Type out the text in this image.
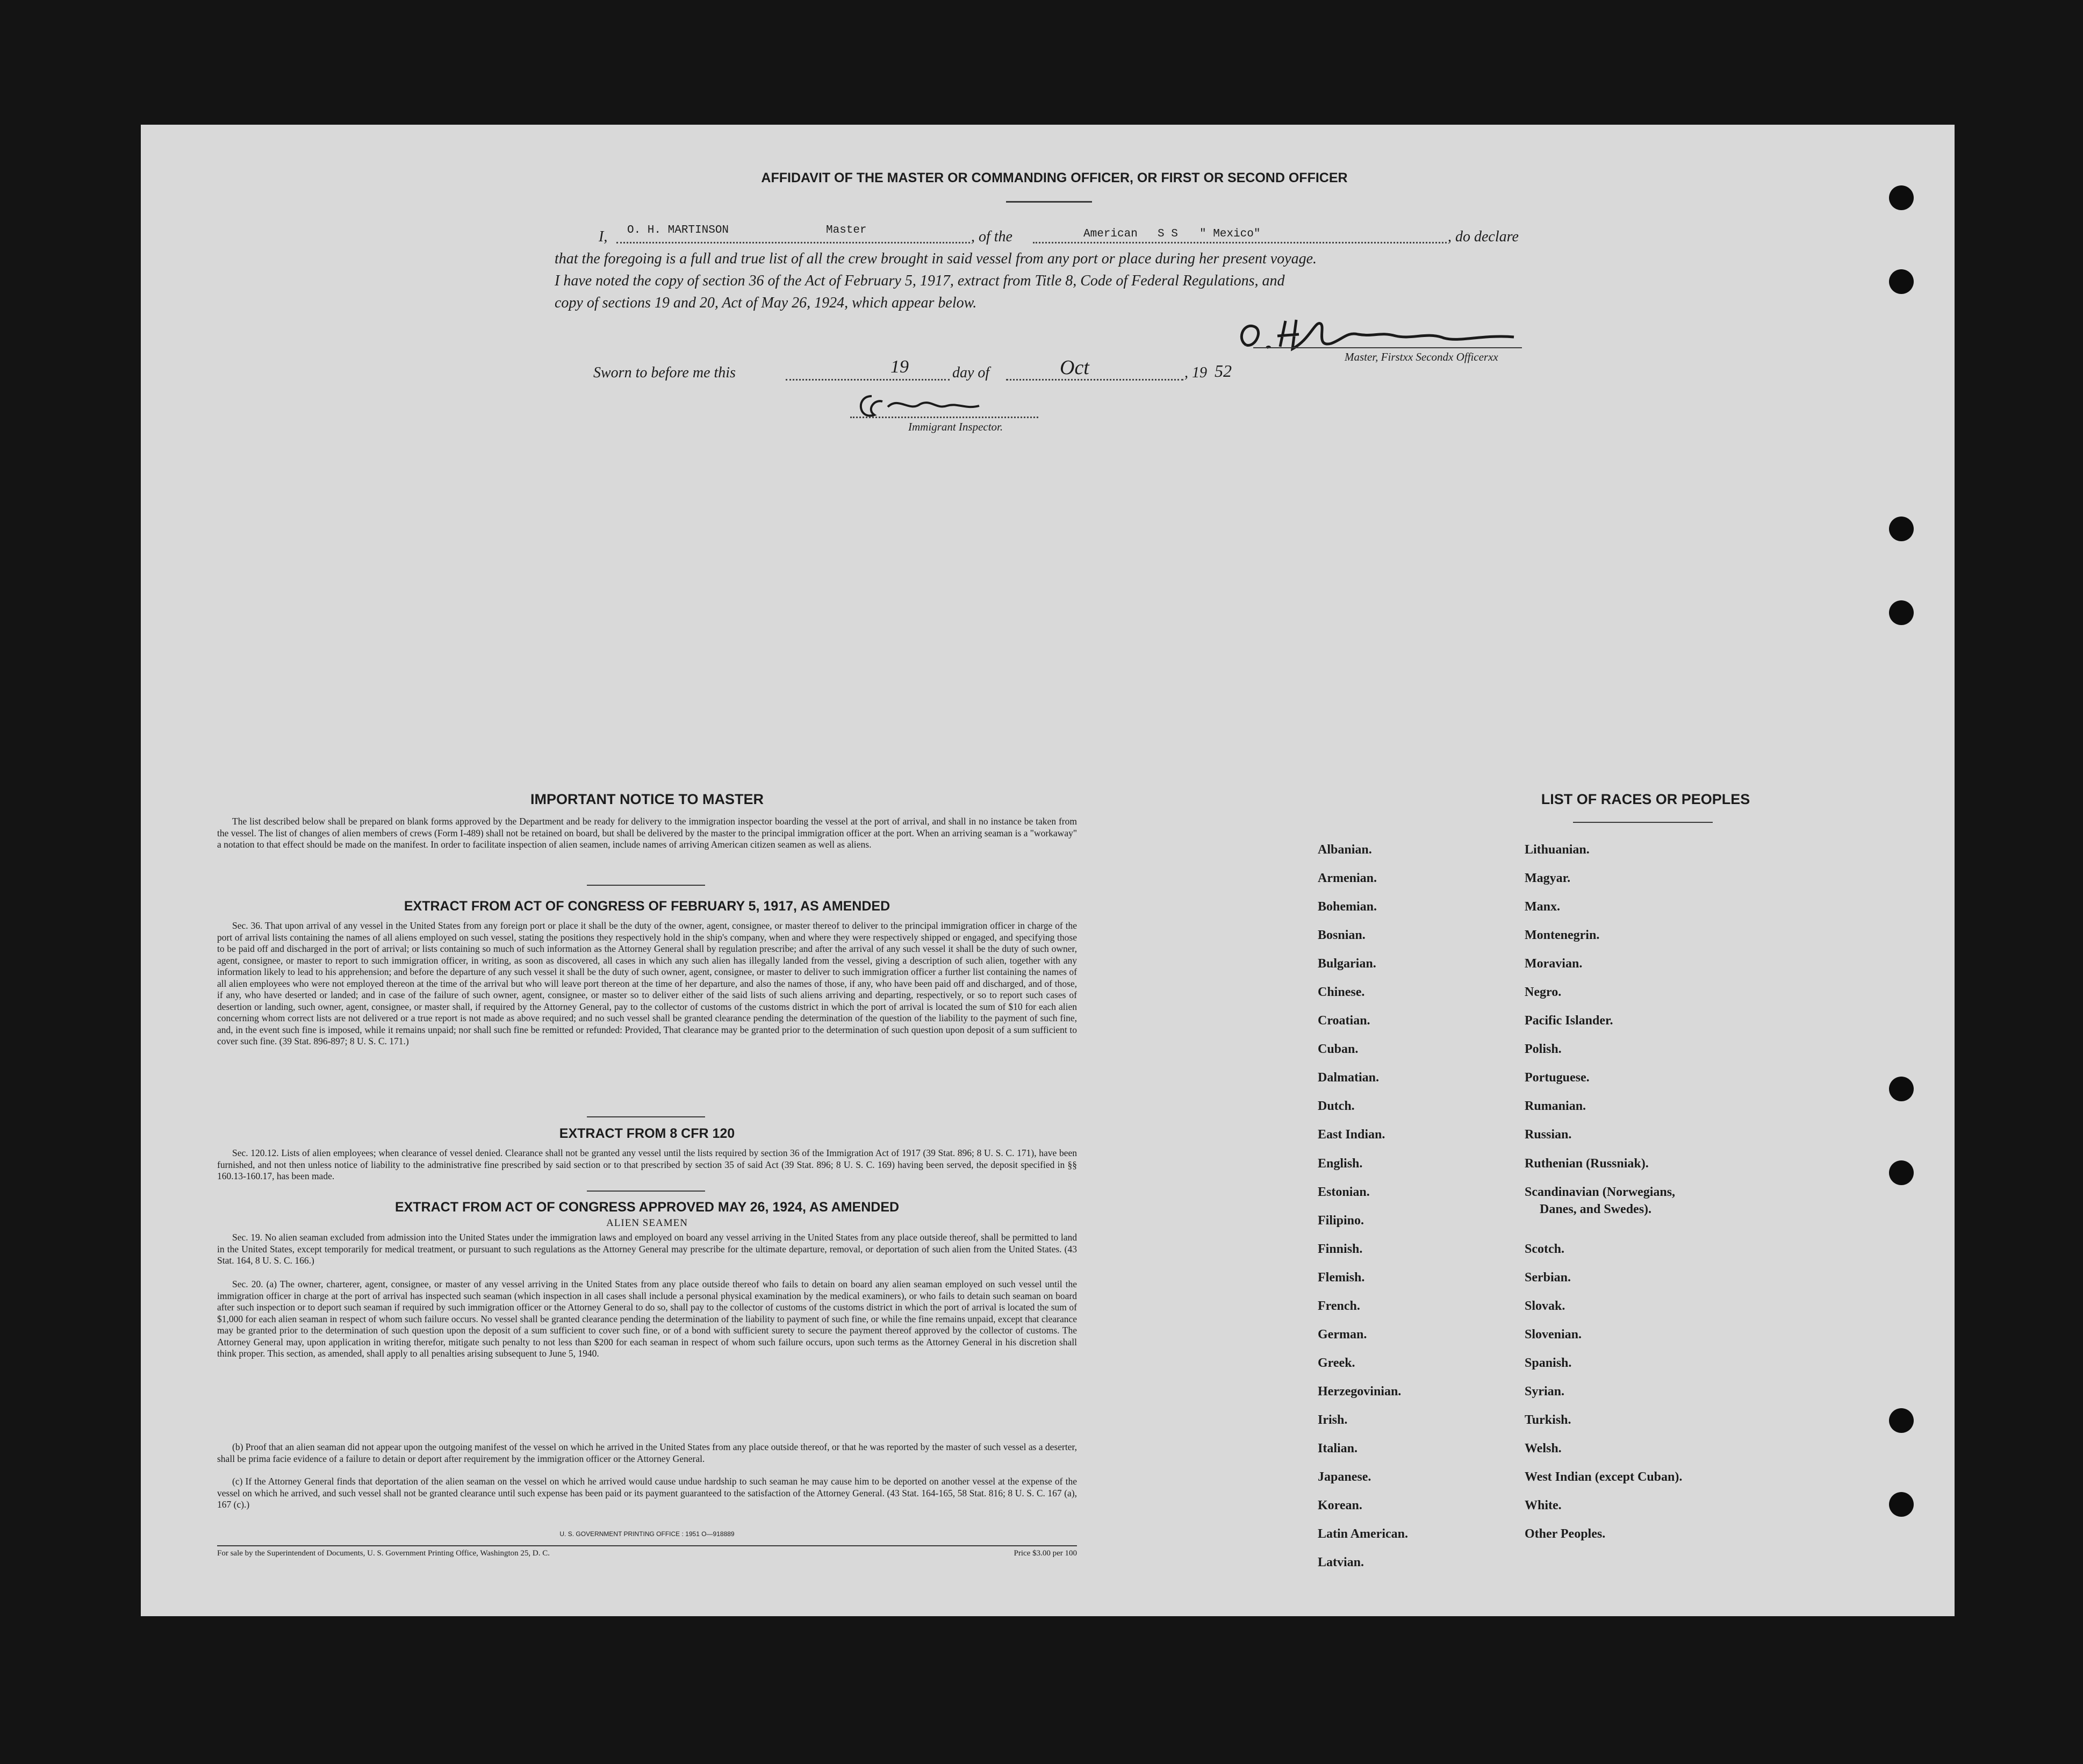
AFFIDAVIT OF THE MASTER OR COMMANDING OFFICER, OR FIRST OR SECOND OFFICER
I, O. H. MARTINSON	Master	, of the	American S S " Mexico"	, do declare
that the foregoing is a full and true list of all the crew brought in said vessel from any port or place during her present voyage.
I have noted the copy of section 36 of the Act of February 5, 1917, extract from Title 8, Code of Federal Regulations, and
copy of sections 19 and 20, Act of May 26, 1924, which appear below.
Master, Firstxx Secondx Officerxx
Sworn to before me this	19	day of	Oct	, 19 52
Immigrant Inspector.
IMPORTANT NOTICE TO MASTER
The list described below shall be prepared on blank forms approved by the Department and be ready for delivery to the immigration inspector boarding the vessel at the port of arrival, and shall in no instance be taken from the vessel. The list of changes of alien members of crews (Form I-489) shall not be retained on board, but shall be delivered by the master to the principal immigration officer at the port. When an arriving seaman is a "workaway" a notation to that effect should be made on the manifest. In order to facilitate inspection of alien seamen, include names of arriving American citizen seamen as well as aliens.
EXTRACT FROM ACT OF CONGRESS OF FEBRUARY 5, 1917, AS AMENDED
Sec. 36. That upon arrival of any vessel in the United States from any foreign port or place it shall be the duty of the owner, agent, consignee, or master thereof to deliver to the principal immigration officer in charge of the port of arrival lists containing the names of all aliens employed on such vessel, stating the positions they respectively hold in the ship's company, when and where they were respectively shipped or engaged, and specifying those to be paid off and discharged in the port of arrival; or lists containing so much of such information as the Attorney General shall by regulation prescribe; and after the arrival of any such vessel it shall be the duty of such owner, agent, consignee, or master to report to such immigration officer, in writing, as soon as discovered, all cases in which any such alien has illegally landed from the vessel, giving a description of such alien, together with any information likely to lead to his apprehension; and before the departure of any such vessel it shall be the duty of such owner, agent, consignee, or master to deliver to such immigration officer a further list containing the names of all alien employees who were not employed thereon at the time of the arrival but who will leave port thereon at the time of her departure, and also the names of those, if any, who have been paid off and discharged, and of those, if any, who have deserted or landed; and in case of the failure of such owner, agent, consignee, or master so to deliver either of the said lists of such aliens arriving and departing, respectively, or so to report such cases of desertion or landing, such owner, agent, consignee, or master shall, if required by the Attorney General, pay to the collector of customs of the customs district in which the port of arrival is located the sum of $10 for each alien concerning whom correct lists are not delivered or a true report is not made as above required; and no such vessel shall be granted clearance pending the determination of the question of the liability to the payment of such fine, and, in the event such fine is imposed, while it remains unpaid; nor shall such fine be remitted or refunded: Provided, That clearance may be granted prior to the determination of such question upon deposit of a sum sufficient to cover such fine. (39 Stat. 896-897; 8 U. S. C. 171.)
EXTRACT FROM 8 CFR 120
Sec. 120.12. Lists of alien employees; when clearance of vessel denied. Clearance shall not be granted any vessel until the lists required by section 36 of the Immigration Act of 1917 (39 Stat. 896; 8 U. S. C. 171), have been furnished, and not then unless notice of liability to the administrative fine prescribed by said section or to that prescribed by section 35 of said Act (39 Stat. 896; 8 U. S. C. 169) having been served, the deposit specified in §§ 160.13-160.17, has been made.
EXTRACT FROM ACT OF CONGRESS APPROVED MAY 26, 1924, AS AMENDED
ALIEN SEAMEN
Sec. 19. No alien seaman excluded from admission into the United States under the immigration laws and employed on board any vessel arriving in the United States from any place outside thereof, shall be permitted to land in the United States, except temporarily for medical treatment, or pursuant to such regulations as the Attorney General may prescribe for the ultimate departure, removal, or deportation of such alien from the United States. (43 Stat. 164, 8 U. S. C. 166.)
Sec. 20. (a) The owner, charterer, agent, consignee, or master of any vessel arriving in the United States from any place outside thereof who fails to detain on board any alien seaman employed on such vessel until the immigration officer in charge at the port of arrival has inspected such seaman (which inspection in all cases shall include a personal physical examination by the medical examiners), or who fails to detain such seaman on board after such inspection or to deport such seaman if required by such immigration officer or the Attorney General to do so, shall pay to the collector of customs of the customs district in which the port of arrival is located the sum of $1,000 for each alien seaman in respect of whom such failure occurs. No vessel shall be granted clearance pending the determination of the liability to payment of such fine, or while the fine remains unpaid, except that clearance may be granted prior to the determination of such question upon the deposit of a sum sufficient to cover such fine, or of a bond with sufficient surety to secure the payment thereof approved by the collector of customs. The Attorney General may, upon application in writing therefor, mitigate such penalty to not less than $200 for each seaman in respect of whom such failure occurs, upon such terms as the Attorney General in his discretion shall think proper. This section, as amended, shall apply to all penalties arising subsequent to June 5, 1940.
(b) Proof that an alien seaman did not appear upon the outgoing manifest of the vessel on which he arrived in the United States from any place outside thereof, or that he was reported by the master of such vessel as a deserter, shall be prima facie evidence of a failure to detain or deport after requirement by the immigration officer or the Attorney General.
(c) If the Attorney General finds that deportation of the alien seaman on the vessel on which he arrived would cause undue hardship to such seaman he may cause him to be deported on another vessel at the expense of the vessel on which he arrived, and such vessel shall not be granted clearance until such expense has been paid or its payment guaranteed to the satisfaction of the Attorney General. (43 Stat. 164-165, 58 Stat. 816; 8 U. S. C. 167 (a), 167 (c).)
U. S. GOVERNMENT PRINTING OFFICE : 1951 O—918889
For sale by the Superintendent of Documents, U. S. Government Printing Office, Washington 25, D. C.	Price $3.00 per 100
LIST OF RACES OR PEOPLES
Albanian.
Armenian.
Bohemian.
Bosnian.
Bulgarian.
Chinese.
Croatian.
Cuban.
Dalmatian.
Dutch.
East Indian.
English.
Estonian.
Filipino.
Finnish.
Flemish.
French.
German.
Greek.
Herzegovinian.
Irish.
Italian.
Japanese.
Korean.
Latin American.
Latvian.
Lithuanian.
Magyar.
Manx.
Montenegrin.
Moravian.
Negro.
Pacific Islander.
Polish.
Portuguese.
Rumanian.
Russian.
Ruthenian (Russniak).
Scandinavian (Norwegians,
Danes, and Swedes).
Scotch.
Serbian.
Slovak.
Slovenian.
Spanish.
Syrian.
Turkish.
Welsh.
West Indian (except Cuban).
White.
Other Peoples.
